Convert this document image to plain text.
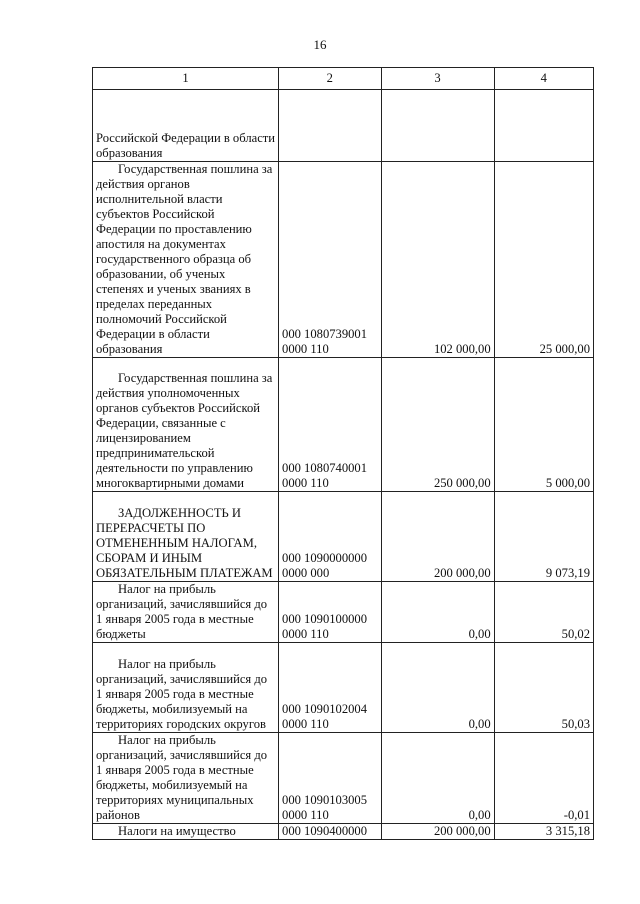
16
1	2	3	4
Российской Федерации в области образования			
Государственная пошлина за действия органов исполнительной власти субъектов Российской Федерации по проставлению апостиля на документах государственного образца об образовании, об ученых степенях и ученых званиях в пределах переданных полномочий Российской Федерации в области образования	000 1080739001 0000 110	102 000,00	25 000,00
Государственная пошлина за действия уполномоченных органов субъектов Российской Федерации, связанные с лицензированием предпринимательской деятельности по управлению многоквартирными домами	000 1080740001 0000 110	250 000,00	5 000,00
ЗАДОЛЖЕННОСТЬ И ПЕРЕРАСЧЕТЫ ПО ОТМЕНЕННЫМ НАЛОГАМ, СБОРАМ И ИНЫМ ОБЯЗАТЕЛЬНЫМ ПЛАТЕЖАМ	000 1090000000 0000 000	200 000,00	9 073,19
Налог на прибыль организаций, зачислявшийся до 1 января 2005 года в местные бюджеты	000 1090100000 0000 110	0,00	50,02
Налог на прибыль организаций, зачислявшийся до 1 января 2005 года в местные бюджеты, мобилизуемый на территориях городских округов	000 1090102004 0000 110	0,00	50,03
Налог на прибыль организаций, зачислявшийся до 1 января 2005 года в местные бюджеты, мобилизуемый на территориях муниципальных районов	000 1090103005 0000 110	0,00	-0,01
Налоги на имущество	000 1090400000	200 000,00	3 315,18
